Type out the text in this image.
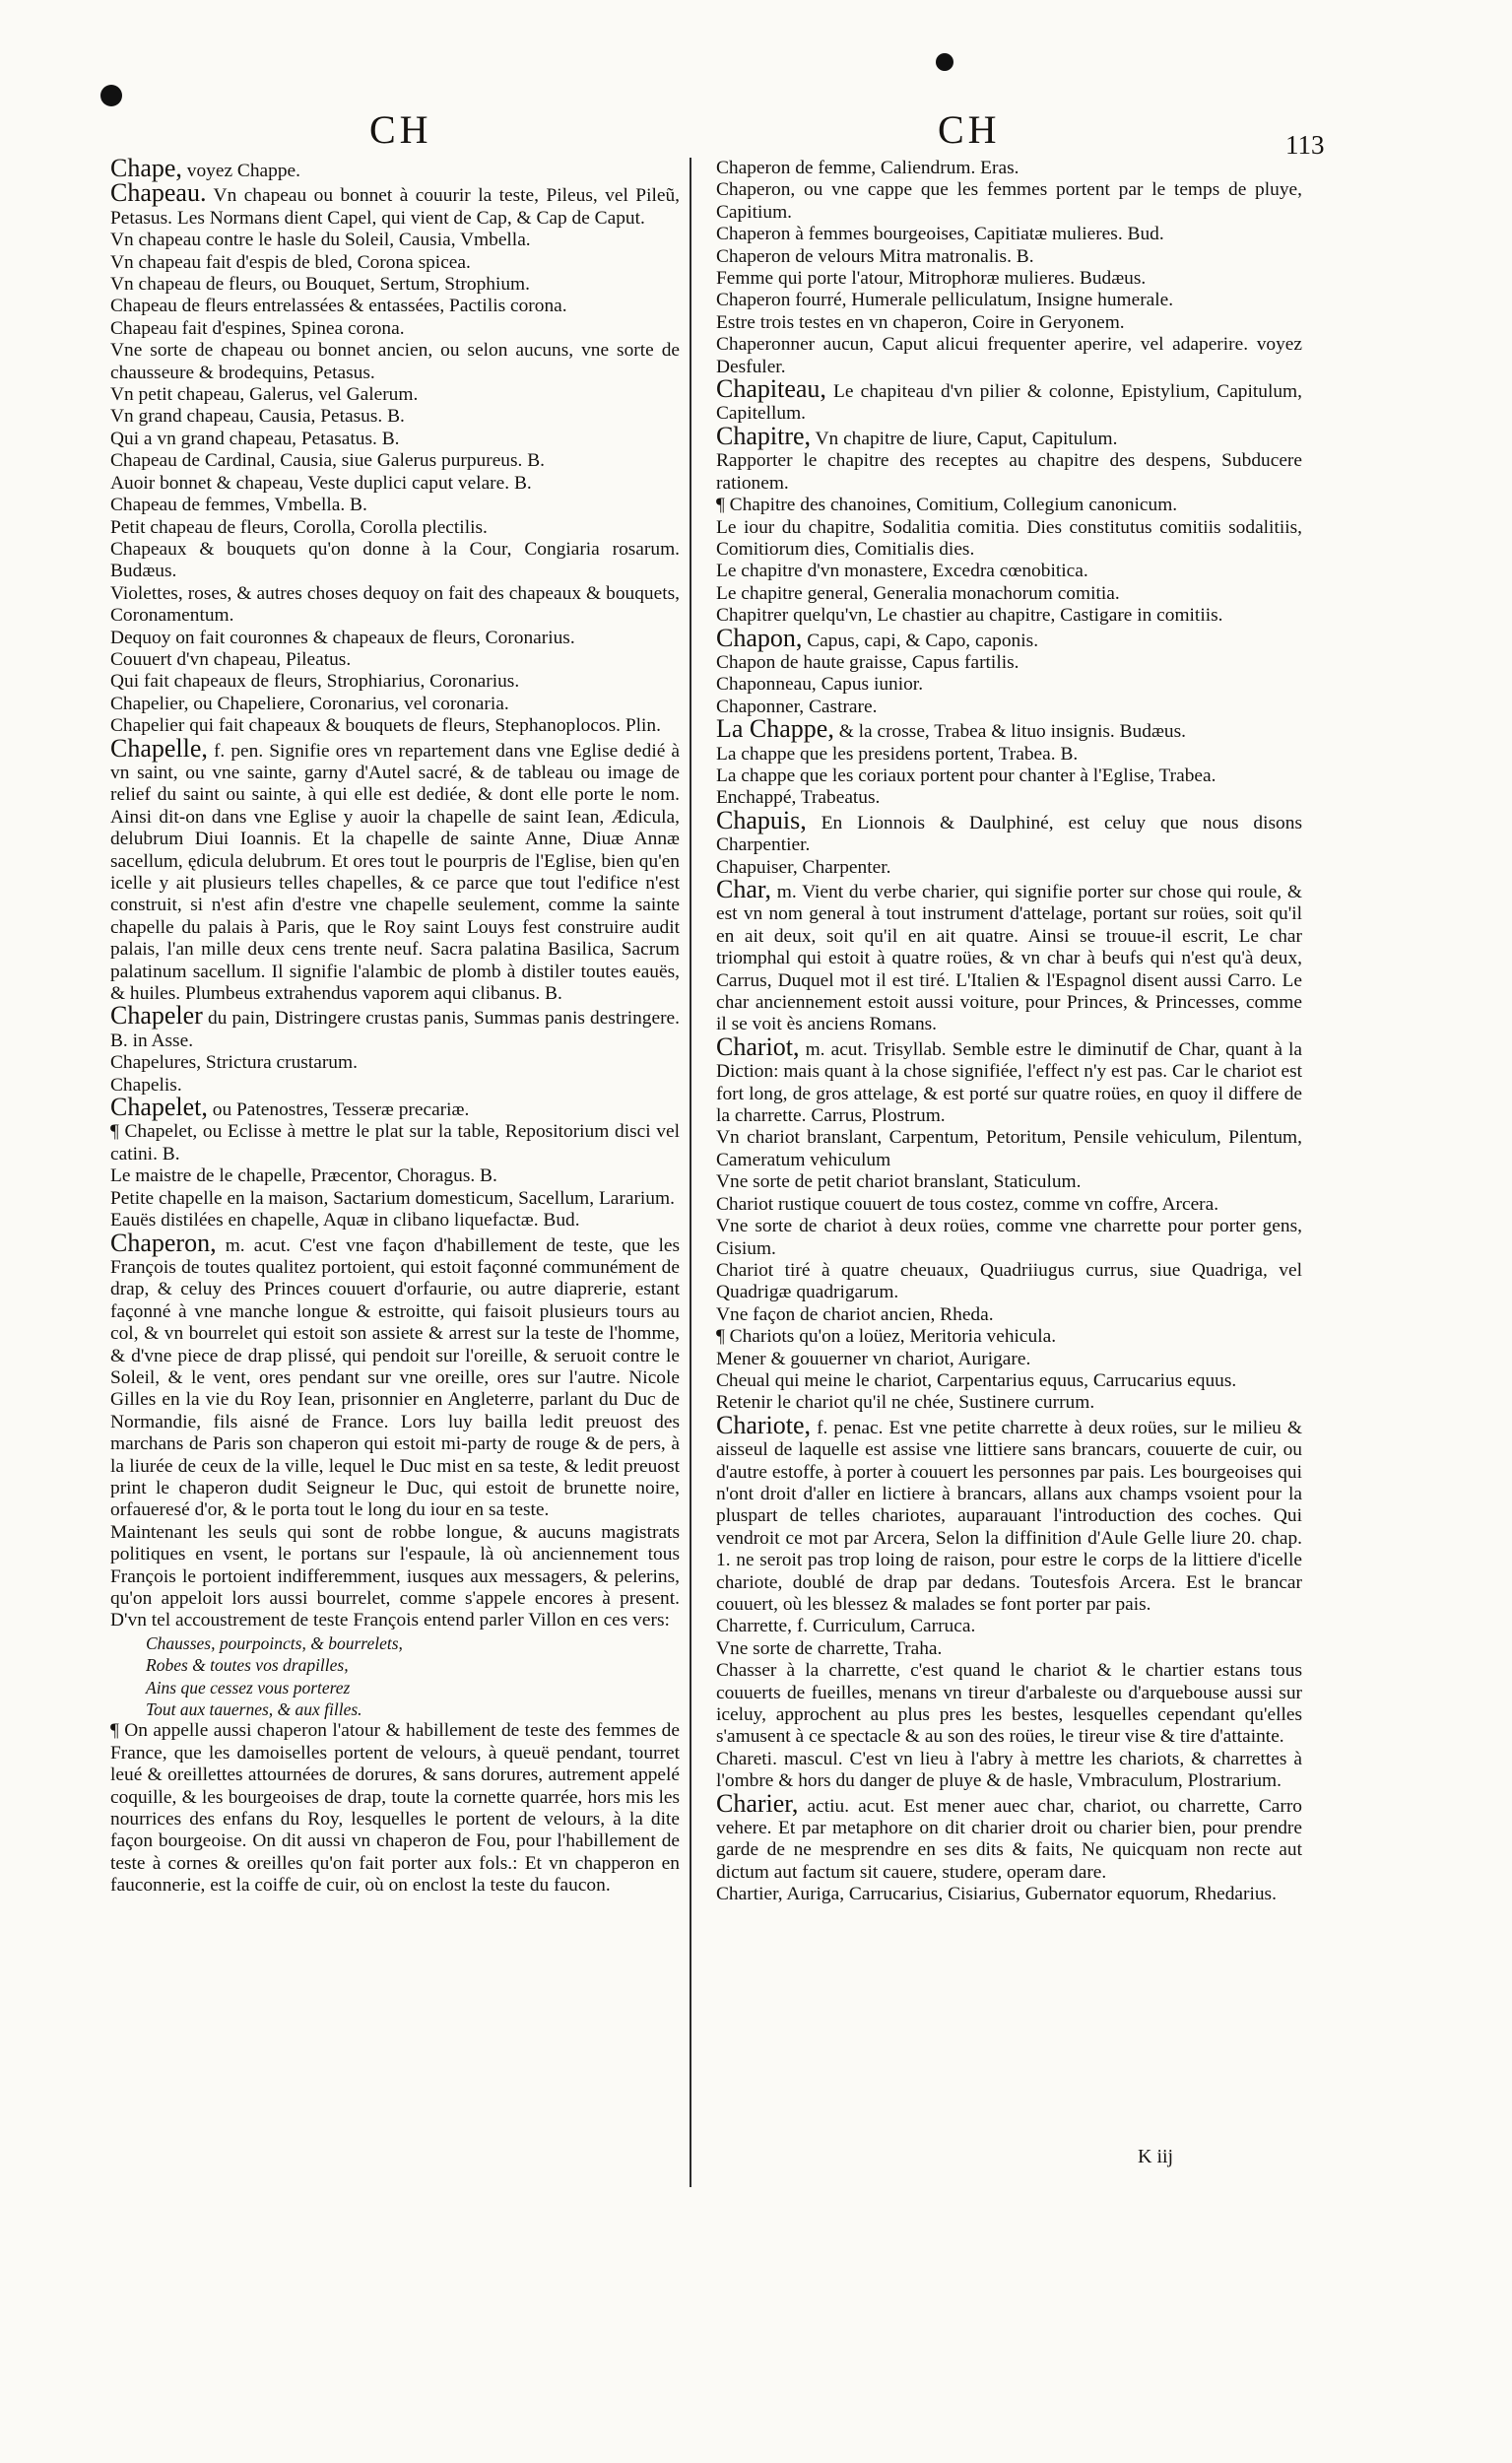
CH	CH	113

Chape, voyez Chappe.

Chapeau. Vn chapeau ou bonnet à couurir la teste, Pileus, vel Pileũ, Petasus. Les Normans dient Capel, qui vient de Cap, & Cap de Caput.

Vn chapeau contre le hasle du Soleil, Causia, Vmbella.

Vn chapeau fait d'espis de bled, Corona spicea.

Vn chapeau de fleurs, ou Bouquet, Sertum, Strophium.

Chapeau de fleurs entrelassées & entassées, Pactilis corona.

Chapeau fait d'espines, Spinea corona.

Vne sorte de chapeau ou bonnet ancien, ou selon aucuns, vne sorte de chausseure & brodequins, Petasus.

Vn petit chapeau, Galerus, vel Galerum.

Vn grand chapeau, Causia, Petasus. B.

Qui a vn grand chapeau, Petasatus. B.

Chapeau de Cardinal, Causia, siue Galerus purpureus. B.

Auoir bonnet & chapeau, Veste duplici caput velare. B.

Chapeau de femmes, Vmbella. B.

Petit chapeau de fleurs, Corolla, Corolla plectilis.

Chapeaux & bouquets qu'on donne à la Cour, Congiaria rosarum. Budæus.

Violettes, roses, & autres choses dequoy on fait des chapeaux & bouquets, Coronamentum.

Dequoy on fait couronnes & chapeaux de fleurs, Coronarius.

Couuert d'vn chapeau, Pileatus.

Qui fait chapeaux de fleurs, Strophiarius, Coronarius.

Chapelier, ou Chapeliere, Coronarius, vel coronaria.

Chapelier qui fait chapeaux & bouquets de fleurs, Stephanoplocos. Plin.

Chapelle, f. pen. Signifie ores vn repartement dans vne Eglise dedié à vn saint, ou vne sainte, garny d'Autel sacré, & de tableau ou image de relief du saint ou sainte, à qui elle est dediée, & dont elle porte le nom. Ainsi dit-on dans vne Eglise y auoir la chapelle de saint Iean, Ædicula, delubrum Diui Ioannis. Et la chapelle de sainte Anne, Diuæ Annæ sacellum, ędicula delubrum. Et ores tout le pourpris de l'Eglise, bien qu'en icelle y ait plusieurs telles chapelles, & ce parce que tout l'edifice n'est construit, si n'est afin d'estre vne chapelle seulement, comme la sainte chapelle du palais à Paris, que le Roy saint Louys fest construire audit palais, l'an mille deux cens trente neuf. Sacra palatina Basilica, Sacrum palatinum sacellum. Il signifie l'alambic de plomb à distiler toutes eauës, & huiles. Plumbeus extrahendus vaporem aqui clibanus. B.

Chapeler du pain, Distringere crustas panis, Summas panis destringere. B. in Asse.

Chapelures, Strictura crustarum.

Chapelis.

Chapelet, ou Patenostres, Tesseræ precariæ.

¶ Chapelet, ou Eclisse à mettre le plat sur la table, Repositorium disci vel catini. B.

Le maistre de le chapelle, Præcentor, Choragus. B.

Petite chapelle en la maison, Sactarium domesticum, Sacellum, Lararium.

Eauës distilées en chapelle, Aquæ in clibano liquefactæ. Bud.

Chaperon, m. acut. C'est vne façon d'habillement de teste, que les François de toutes qualitez portoient, qui estoit façonné communément de drap, & celuy des Princes couuert d'orfaurie, ou autre diaprerie, estant façonné à vne manche longue & estroitte, qui faisoit plusieurs tours au col, & vn bourrelet qui estoit son assiete & arrest sur la teste de l'homme, & d'vne piece de drap plissé, qui pendoit sur l'oreille, & seruoit contre le Soleil, & le vent, ores pendant sur vne oreille, ores sur l'autre. Nicole Gilles en la vie du Roy Iean, prisonnier en Angleterre, parlant du Duc de Normandie, fils aisné de France. Lors luy bailla ledit preuost des marchans de Paris son chaperon qui estoit mi-party de rouge & de pers, à la liurée de ceux de la ville, lequel le Duc mist en sa teste, & ledit preuost print le chaperon dudit Seigneur le Duc, qui estoit de brunette noire, orfaueresé d'or, & le porta tout le long du iour en sa teste.

Maintenant les seuls qui sont de robbe longue, & aucuns magistrats politiques en vsent, le portans sur l'espaule, là où anciennement tous François le portoient indifferemment, iusques aux messagers, & pelerins, qu'on appeloit lors aussi bourrelet, comme s'appele encores à present. D'vn tel accoustrement de teste François entend parler Villon en ces vers:

Chausses, pourpoincts, & bourrelets,

Robes & toutes vos drapilles,

Ains que cessez vous porterez

Tout aux tauernes, & aux filles.

¶ On appelle aussi chaperon l'atour & habillement de teste des femmes de France, que les damoiselles portent de velours, à queuë pendant, tourret leué & oreillettes attournées de dorures, & sans dorures, autrement appelé coquille, & les bourgeoises de drap, toute la cornette quarrée, hors mis les nourrices des enfans du Roy, lesquelles le portent de velours, à la dite façon bourgeoise. On dit aussi vn chaperon de Fou, pour l'habillement de teste à cornes & oreilles qu'on fait porter aux fols.: Et vn chapperon en fauconnerie, est la coiffe de cuir, où on enclost la teste du faucon.

Chaperon de femme, Caliendrum. Eras.

Chaperon, ou vne cappe que les femmes portent par le temps de pluye, Capitium.

Chaperon à femmes bourgeoises, Capitiatæ mulieres. Bud.

Chaperon de velours Mitra matronalis. B.

Femme qui porte l'atour, Mitrophoræ mulieres. Budæus.

Chaperon fourré, Humerale pelliculatum, Insigne humerale.

Estre trois testes en vn chaperon, Coire in Geryonem.

Chaperonner aucun, Caput alicui frequenter aperire, vel adaperire. voyez Desfuler.

Chapiteau, Le chapiteau d'vn pilier & colonne, Epistylium, Capitulum, Capitellum.

Chapitre, Vn chapitre de liure, Caput, Capitulum.

Rapporter le chapitre des receptes au chapitre des despens, Subducere rationem.

¶ Chapitre des chanoines, Comitium, Collegium canonicum.

Le iour du chapitre, Sodalitia comitia. Dies constitutus comitiis sodalitiis, Comitiorum dies, Comitialis dies.

Le chapitre d'vn monastere, Excedra cœnobitica.

Le chapitre general, Generalia monachorum comitia.

Chapitrer quelqu'vn, Le chastier au chapitre, Castigare in comitiis.

Chapon, Capus, capi, & Capo, caponis.

Chapon de haute graisse, Capus fartilis.

Chaponneau, Capus iunior.

Chaponner, Castrare.

La Chappe, & la crosse, Trabea & lituo insignis. Budæus.

La chappe que les presidens portent, Trabea. B.

La chappe que les coriaux portent pour chanter à l'Eglise, Trabea.

Enchappé, Trabeatus.

Chapuis, En Lionnois & Daulphiné, est celuy que nous disons Charpentier.

Chapuiser, Charpenter.

Char, m. Vient du verbe charier, qui signifie porter sur chose qui roule, & est vn nom general à tout instrument d'attelage, portant sur roües, soit qu'il en ait deux, soit qu'il en ait quatre. Ainsi se trouue-il escrit, Le char triomphal qui estoit à quatre roües, & vn char à beufs qui n'est qu'à deux, Carrus, Duquel mot il est tiré. L'Italien & l'Espagnol disent aussi Carro. Le char anciennement estoit aussi voiture, pour Princes, & Princesses, comme il se voit ès anciens Romans.

Chariot, m. acut. Trisyllab. Semble estre le diminutif de Char, quant à la Diction: mais quant à la chose signifiée, l'effect n'y est pas. Car le chariot est fort long, de gros attelage, & est porté sur quatre roües, en quoy il differe de la charrette. Carrus, Plostrum.

Vn chariot branslant, Carpentum, Petoritum, Pensile vehiculum, Pilentum, Cameratum vehiculum

Vne sorte de petit chariot branslant, Staticulum.

Chariot rustique couuert de tous costez, comme vn coffre, Arcera.

Vne sorte de chariot à deux roües, comme vne charrette pour porter gens, Cisium.

Chariot tiré à quatre cheuaux, Quadriiugus currus, siue Quadriga, vel Quadrigæ quadrigarum.

Vne façon de chariot ancien, Rheda.

¶ Chariots qu'on a loüez, Meritoria vehicula.

Mener & gouuerner vn chariot, Aurigare.

Cheual qui meine le chariot, Carpentarius equus, Carrucarius equus.

Retenir le chariot qu'il ne chée, Sustinere currum.

Chariote, f. penac. Est vne petite charrette à deux roües, sur le milieu & aisseul de laquelle est assise vne littiere sans brancars, couuerte de cuir, ou d'autre estoffe, à porter à couuert les personnes par pais. Les bourgeoises qui n'ont droit d'aller en lictiere à brancars, allans aux champs vsoient pour la pluspart de telles chariotes, auparauant l'introduction des coches. Qui vendroit ce mot par Arcera, Selon la diffinition d'Aule Gelle liure 20. chap. 1. ne seroit pas trop loing de raison, pour estre le corps de la littiere d'icelle chariote, doublé de drap par dedans. Toutesfois Arcera. Est le brancar couuert, où les blessez & malades se font porter par pais.

Charrette, f. Curriculum, Carruca.

Vne sorte de charrette, Traha.

Chasser à la charrette, c'est quand le chariot & le chartier estans tous couuerts de fueilles, menans vn tireur d'arbaleste ou d'arquebouse aussi sur iceluy, approchent au plus pres les bestes, lesquelles cependant qu'elles s'amusent à ce spectacle & au son des roües, le tireur vise & tire d'attainte.

Chareti. mascul. C'est vn lieu à l'abry à mettre les chariots, & charrettes à l'ombre & hors du danger de pluye & de hasle, Vmbraculum, Plostrarium.

Charier, actiu. acut. Est mener auec char, chariot, ou charrette, Carro vehere. Et par metaphore on dit charier droit ou charier bien, pour prendre garde de ne mesprendre en ses dits & faits, Ne quicquam non recte aut dictum aut factum sit cauere, studere, operam dare.

Chartier, Auriga, Carrucarius, Cisiarius, Gubernator equorum, Rhedarius.

K iij
